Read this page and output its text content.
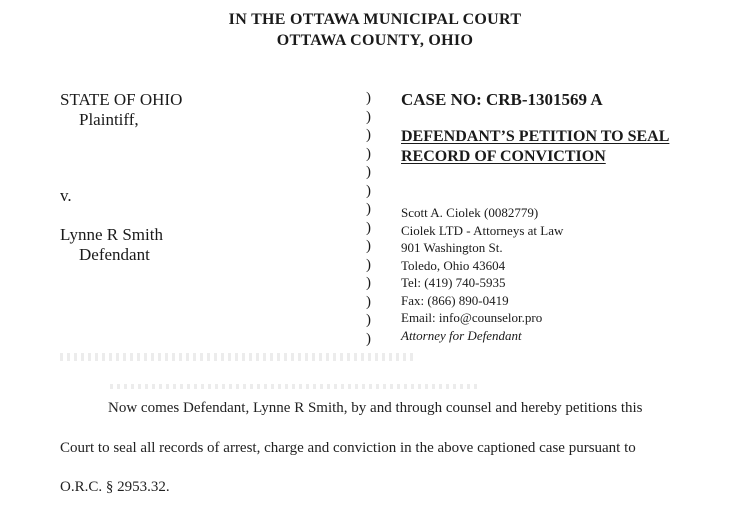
IN THE OTTAWA MUNICIPAL COURT
OTTAWA COUNTY, OHIO
STATE OF OHIO
Plaintiff,
v.
Lynne R Smith
Defendant
)
)
)
)
)
)
)
)
)
)
)
)
)
)
CASE NO: CRB-1301569 A
DEFENDANT’S PETITION TO SEAL
RECORD OF CONVICTION
Scott A. Ciolek (0082779)
Ciolek LTD - Attorneys at Law
901 Washington St.
Toledo, Ohio 43604
Tel: (419) 740-5935
Fax: (866) 890-0419
Email: info@counselor.pro
Attorney for Defendant
Now comes Defendant, Lynne R Smith, by and through counsel and hereby petitions this
Court to seal all records of arrest, charge and conviction in the above captioned case pursuant to
O.R.C. § 2953.32.
